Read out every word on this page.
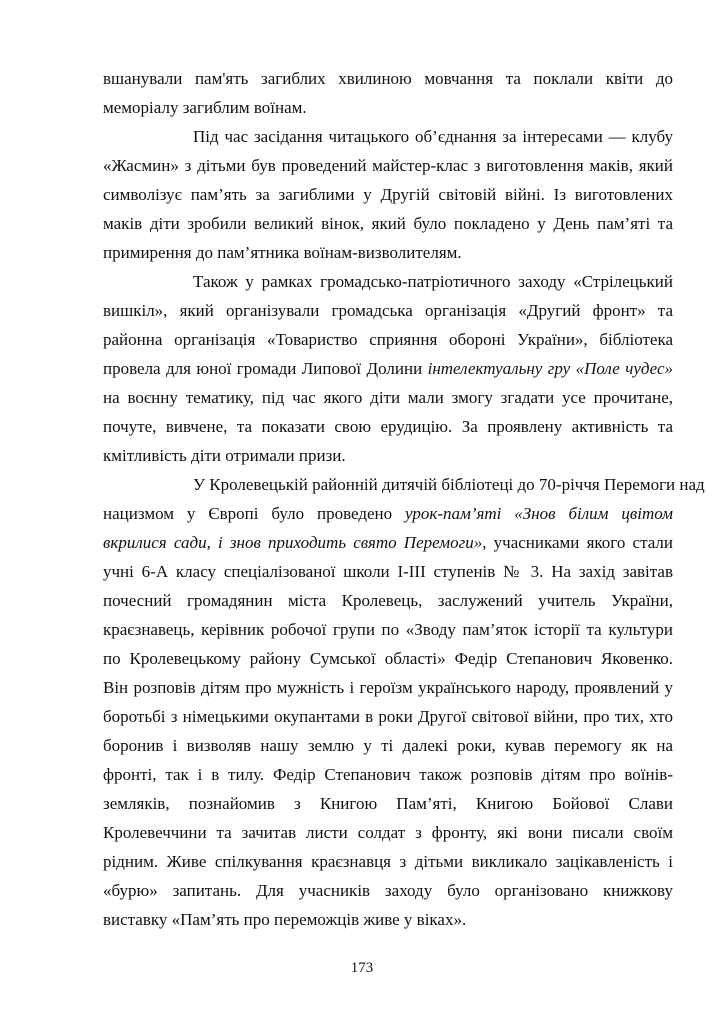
вшанували пам'ять загиблих хвилиною мовчання та поклали квіти до
меморіалу загиблим воїнам.
Під час засідання читацького об’єднання за інтересами — клубу
«Жасмин» з дітьми був проведений майстер-клас з виготовлення маків, який
символізує пам’ять за загиблими у Другій світовій війні. Із виготовлених
маків діти зробили великий вінок, який було покладено у День пам’яті та
примирення до пам’ятника воїнам-визволителям.
Також у рамках громадсько-патріотичного заходу «Стрілецький
вишкіл», який організували громадська організація «Другий фронт» та
районна організація «Товариство сприяння обороні України», бібліотека
провела для юної громади Липової Долини інтелектуальну гру «Поле чудес»
на воєнну тематику, під час якого діти мали змогу згадати усе прочитане,
почуте, вивчене, та показати свою ерудицію. За проявлену активність та
кмітливість діти отримали призи.
У Кролевецькій районній дитячій бібліотеці до 70-річчя Перемоги над
нацизмом у Європі було проведено урок-пам’яті «Знов білим цвітом
вкрилися сади, і знов приходить свято Перемоги», учасниками якого стали
учні 6-А класу спеціалізованої школи І-ІІІ ступенів № 3. На захід завітав
почесний громадянин міста Кролевець, заслужений учитель України,
краєзнавець, керівник робочої групи по «Зводу пам’яток історії та культури
по Кролевецькому району Сумської області» Федір Степанович Яковенко.
Він розповів дітям про мужність і героїзм українського народу, проявлений у
боротьбі з німецькими окупантами в роки Другої світової війни, про тих, хто
боронив і визволяв нашу землю у ті далекі роки, кував перемогу як на
фронті, так і в тилу. Федір Степанович також розповів дітям про воїнів-
земляків, познайомив з Книгою Пам’яті, Книгою Бойової Слави
Кролевеччини та зачитав листи солдат з фронту, які вони писали своїм
рідним. Живе спілкування краєзнавця з дітьми викликало зацікавленість і
«бурю» запитань. Для учасників заходу було організовано книжкову
виставку «Пам’ять про переможців живе у віках».
173
